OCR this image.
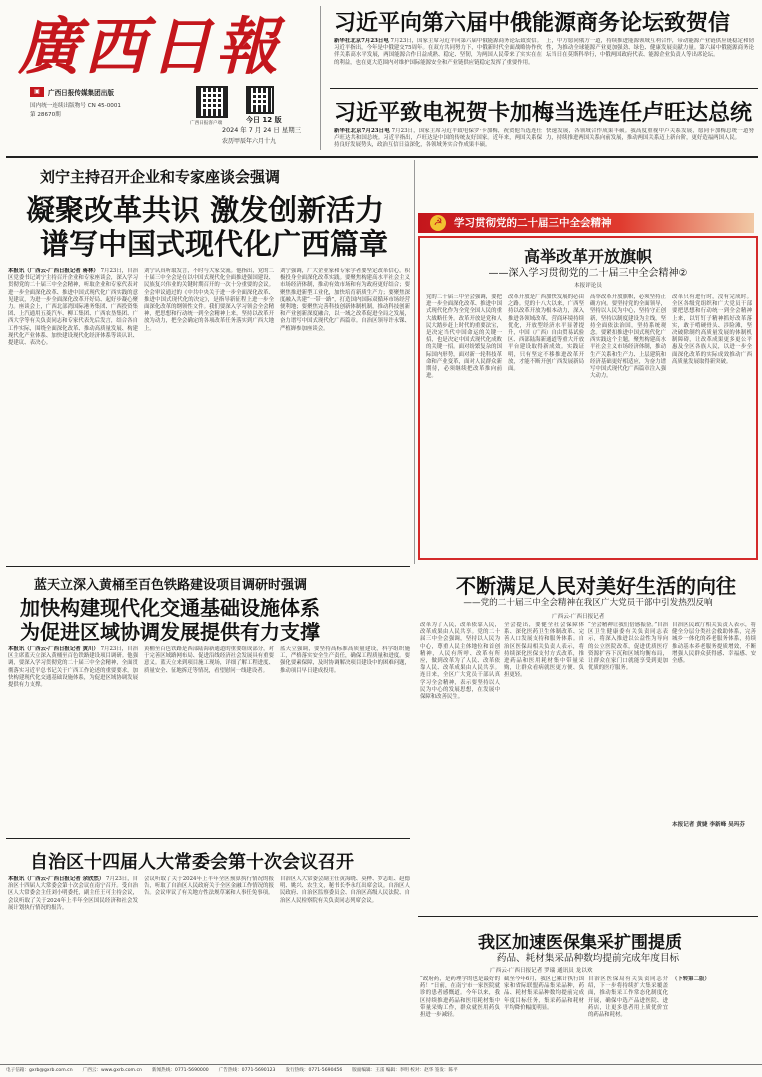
廣西日報
▣	广西日报传媒集团出版
国内统一连续出版物号 CN 45-0001
第 28670期
广西日报客户端	今日 12 版
2024 年 7 月 24 日 星期三
农历甲辰年六月十九
习近平向第六届中俄能源商务论坛致贺信
新华社北京7月23日电 7月23日，国家主席习近平向第六届中俄能源商务论坛致贺信。习近平指出，今年是中俄建交75周年。在双方共同努力下，中俄新时代全面战略协作伙伴关系高水平发展，两国能源合作日益成熟、稳定、坚韧，为两国人民带来了实实在在的利益，也在更大范围内对维护国际能源安全和产业链供应链稳定发挥了重要作用。
上，中方愿同俄方一道，持续推进能源领域互利合作，带动能源产业链供应链稳定和韧性，为推动全球能源产业更加强劲、绿色、健康发展贡献力量。第六届中俄能源商务论坛当日在莫斯科举行，中俄两国政府代表、能源企业负责人等出席论坛。
习近平致电祝贺卡加梅当选连任卢旺达总统
新华社北京7月23日电 7月23日，国家主席习近平致电保罗·卡加梅，祝贺他当选连任卢旺达共和国总统。习近平指出，卢旺达是中国的传统友好国家。近年来，两国关系保持良好发展势头，政治互信日益深化，各领域务实合作成果丰硕。
快速发展，各领域合作成果丰硕。我高度重视中卢关系发展，愿同卡加梅总统一道努力，持续推进两国关系向前发展，推动两国关系迈上新台阶，更好造福两国人民。
刘宁主持召开企业和专家座谈会强调
凝聚改革共识 激发创新活力
谱写中国式现代化广西篇章
本报讯（广西云-广西日报记者 蒋林） 7月23日，自治区党委书记刘宁主持召开企业和专家座谈会，深入学习贯彻党的二十届三中全会精神，听取企业和专家代表对进一步全面深化改革、推进中国式现代化广西实践的意见建议，为进一步全面深化改革开好局、起好步凝心聚力。座谈会上，广西北部湾国际港务集团、广西投资集团、上汽通用五菱汽车、柳工集团、广西农垦集团、广西大学等有关负责同志和专家代表先后发言，结合各自工作实际，围绕全面深化改革、推动高质量发展、构建现代化产业体系、加快建设现代化经济体系等谈认识、提建议、表决心。
刘宁认真听取发言，不时与大家交流。他指出，党的二十届三中全会是在以中国式现代化全面推进强国建设、民族复兴伟业的关键时期召开的一次十分重要的会议。全会审议通过的《中共中央关于进一步全面深化改革、推进中国式现代化的决定》，是指导新征程上进一步全面深化改革的纲领性文件。我们要深入学习领会全会精神，把思想和行动统一到全会精神上来，坚持以改革开放为动力，把全会确定的各项改革任务落实到广西大地上。
刘宁强调，广大企业家和专家学者要坚定改革信心，积极投身全面深化改革实践。要聚焦构建高水平社会主义市场经济体制，推动有效市场和有为政府更好结合；要聚焦推进新型工业化，加快培育新质生产力；要聚焦深度融入共建“一带一路”，打造国内国际双循环市场经营便利地；要聚焦完善科技创新体制机制，推动科技创新和产业创新深度融合，以一域之改革促进全局之发展，奋力谱写中国式现代化广西篇章。自治区领导许永锞、严植婵参加座谈会。
☭	学习贯彻党的二十届三中全会精神
高举改革开放旗帜
——深入学习贯彻党的二十届三中全会精神②
本报评论员
党的二十届三中全会强调，要把进一步全面深化改革、推进中国式现代化作为全党全国人民的重大战略任务。改革开放是党和人民大踏步赶上时代的重要法宝，是决定当代中国命运的关键一招，也是决定中国式现代化成败的关键一招。面对纷繁复杂的国际国内形势，面对新一轮科技革命和产业变革，面对人民群众新期待，必须继续把改革推向前进。
改革开放是广西加快发展的必由之路。党的十八大以来，广西坚持以改革开放为根本动力，深入推进各领域改革，营商环境持续优化，开放型经济水平显著提升，中国（广西）自由贸易试验区、西部陆海新通道等重大开放平台建设取得新成效。实践证明，只有坚定不移推进改革开放，才能不断开创广西发展新局面。
高举改革开放旗帜，必须坚持正确方向。要坚持党的全面领导，坚持以人民为中心，坚持守正创新，坚持以制度建设为主线，坚持全面依法治国，坚持系统观念。要紧扣推进中国式现代化广西实践这个主题，聚焦构建高水平社会主义市场经济体制，推动生产关系和生产力、上层建筑和经济基础更好相适应，为奋力谱写中国式现代化广西篇章注入强大动力。
改革只有进行时，没有完成时。全区各级党组织和广大党员干部要把思想和行动统一到全会精神上来，以钉钉子精神抓好改革落实，敢于啃硬骨头、涉险滩，坚决破除制约高质量发展的体制机制障碍，让改革成果更多更公平惠及全区各族人民，以进一步全面深化改革的实际成效推动广西高质量发展取得新突破。
蓝天立深入黄桶至百色铁路建设项目调研时强调
加快构建现代化交通基础设施体系
为促进区域协调发展提供有力支撑
本报讯（广西云-广西日报记者 黄川） 7月23日，自治区主席蓝天立深入黄桶至百色铁路建设项目调研。他强调，要深入学习贯彻党的二十届三中全会精神，全面贯彻落实习近平总书记关于广西工作论述的重要要求，加快构建现代化交通基础设施体系，为促进区域协调发展提供有力支撑。
黄桶至百色铁路是西部陆海新通道的重要组成部分，对于完善区域路网布局、促进沿线经济社会发展具有重要意义。蓝天立来到项目施工现场，详细了解工程进度、质量安全、征地拆迁等情况，看望慰问一线建设者。
蓝天立强调，要坚持高标准高质量建设，科学组织施工，严格落实安全生产责任，确保工程质量和进度。要强化要素保障，及时协调解决项目建设中的困难问题，推动项目早日建成投用。
自治区十四届人大常委会第十次会议召开
本报讯（广西云-广西日报记者 余欣然） 7月23日，自治区十四届人大常委会第十次会议在南宁召开。受自治区人大常委会主任刘小明委托，副主任王可主持会议，会议听取了关于2024年上半年全区国民经济和社会发展计划执行情况的报告。
会议听取了关于2024年上半年全区预算执行情况的报告，听取了自治区人民政府关于全区金融工作情况的报告。会议审议了有关地方性法规草案和人事任免事项。
自治区人大常委会副主任黄海晓、莫桦、罗志虹、赵德明、姚兴、农生文，秘书长李永红出席会议。自治区人民政府、自治区监察委员会、自治区高级人民法院、自治区人民检察院有关负责同志列席会议。
不断满足人民对美好生活的向往
——党的二十届三中全会精神在我区广大党员干部中引发热烈反响
广西云-广西日报记者
改革为了人民，改革依靠人民，改革成果由人民共享。党的二十届三中全会强调，坚持以人民为中心，尊重人民主体地位和首创精神，人民有所呼、改革有所应，做到改革为了人民、改革依靠人民、改革成果由人民共享。连日来，全区广大党员干部认真学习全会精神，表示要坚持以人民为中心的发展思想，在发展中保障和改善民生。
全会提出，要健全社会保障体系、深化医药卫生体制改革、完善人口发展支持和服务体系。自治区医保局相关负责人表示，将持续深化医保支付方式改革，推进药品和医用耗材集中带量采购，让群众看病就医更方便、负担更轻。
“全会精神让我们倍感振奋。”自治区卫生健康委有关负责同志表示，将深入推进以公益性为导向的公立医院改革，促进优质医疗资源扩容下沉和区域均衡布局，让群众在家门口就能享受到更加优质的医疗服务。
自治区民政厅相关负责人表示，将健全分层分类社会救助体系，完善城乡一体化的养老服务体系，持续推动基本养老服务提质增效，不断增强人民群众获得感、幸福感、安全感。
本报记者 黄婕 李新峰 吴玛芬
我区加速医保集采扩围提质
药品、耗材集采品种数均提前完成年度目标
广西云-广西日报记者 罗瑞 通讯员 龙以欢
“政府药，是药理学的也是最好的药！”日前，在南宁市一家医院就诊的患者感慨道。今年以来，我区持续推进药品和医用耗材集中带量采购工作，群众就医用药负担进一步减轻。
截至今年6月，我区已累计执行国家和省际联盟药品集采品种，药品、耗材集采品种数均提前完成年度目标任务，集采药品和耗材平均降价幅度明显。
自治区医保局有关负责同志介绍，下一步将持续扩大集采覆盖面，推动集采工作常态化制度化开展，确保中选产品进医院、进药店，让更多患者用上质优价宜的药品和耗材。
（下转第二版）
电子信箱：gxrb@gxrb.com.cn 广西云：www.gxrb.com.cn 新闻热线：0771-5690000 广告热线：0771-5690123 发行热线：0771-5690456 版面编辑：王雷 编辑：李明 校对：赵华 签发：陈平
